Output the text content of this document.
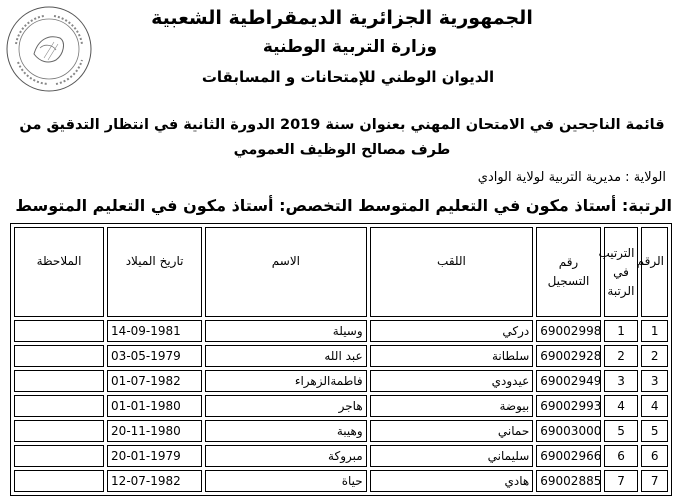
الجمهورية الجزائرية الديمقراطية الشعبية
وزارة التربية الوطنية
الديوان الوطني للإمتحانات و المسابقات
قائمة الناجحين في الامتحان المهني بعنوان سنة 2019 الدورة الثانية في انتظار التدقيق من طرف مصالح الوظيف العمومي
الولاية : مديرية التربية لولاية الوادي
الرتبة: أستاذ مكون في التعليم المتوسط التخصص: أستاذ مكون في التعليم المتوسط
الرقم	الترتيب في الرتبة	رقم التسجيل	اللقب	الاسم	تاريخ الميلاد	الملاحظة
1	1	69002998	دركي	وسيلة	14-09-1981	
2	2	69002928	سلطانة	عبد الله	03-05-1979	
3	3	69002949	عيدودي	فاطمةالزهراء	01-07-1982	
4	4	69002993	بيوضة	هاجر	01-01-1980	
5	5	69003000	حماني	وهيبة	20-11-1980	
6	6	69002966	سليماني	مبروكة	20-01-1979	
7	7	69002885	هادي	حياة	12-07-1982	
